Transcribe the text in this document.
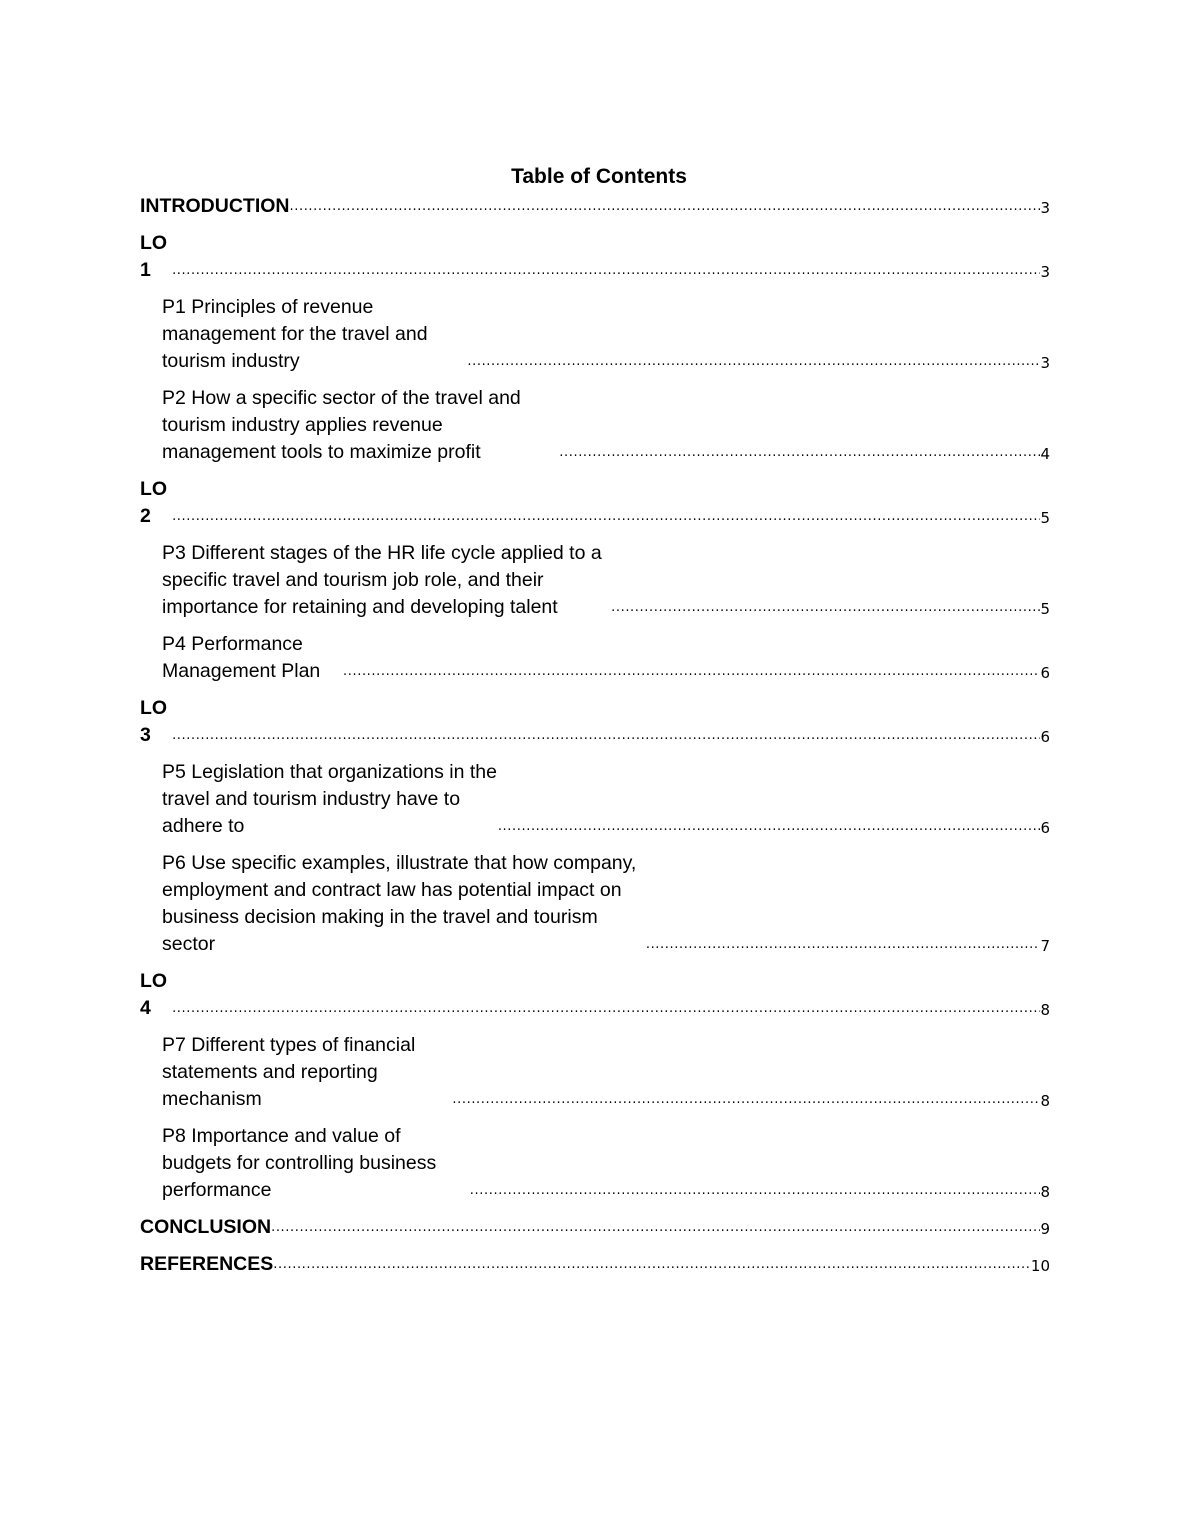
Table of Contents
INTRODUCTION .....	3
LO 1 .....	3
P1 Principles of revenue management for the travel and tourism industry .....	3
P2 How a specific sector of the travel and tourism industry applies revenue management tools to maximize profit .....	4
LO 2 .....	5
P3 Different stages of the HR life cycle applied to a specific travel and tourism job role, and their importance for retaining and developing talent .....	5
P4 Performance Management Plan .....	6
LO 3 .....	6
P5 Legislation that organizations in the travel and tourism industry have to adhere to .....	6
P6 Use specific examples, illustrate that how company, employment and contract law has potential impact on business decision making in the travel and tourism sector .....	7
LO 4 .....	8
P7 Different types of financial statements and reporting mechanism .....	8
P8 Importance and value of budgets for controlling business performance .....	8
CONCLUSION .....	9
REFERENCES .....	10
